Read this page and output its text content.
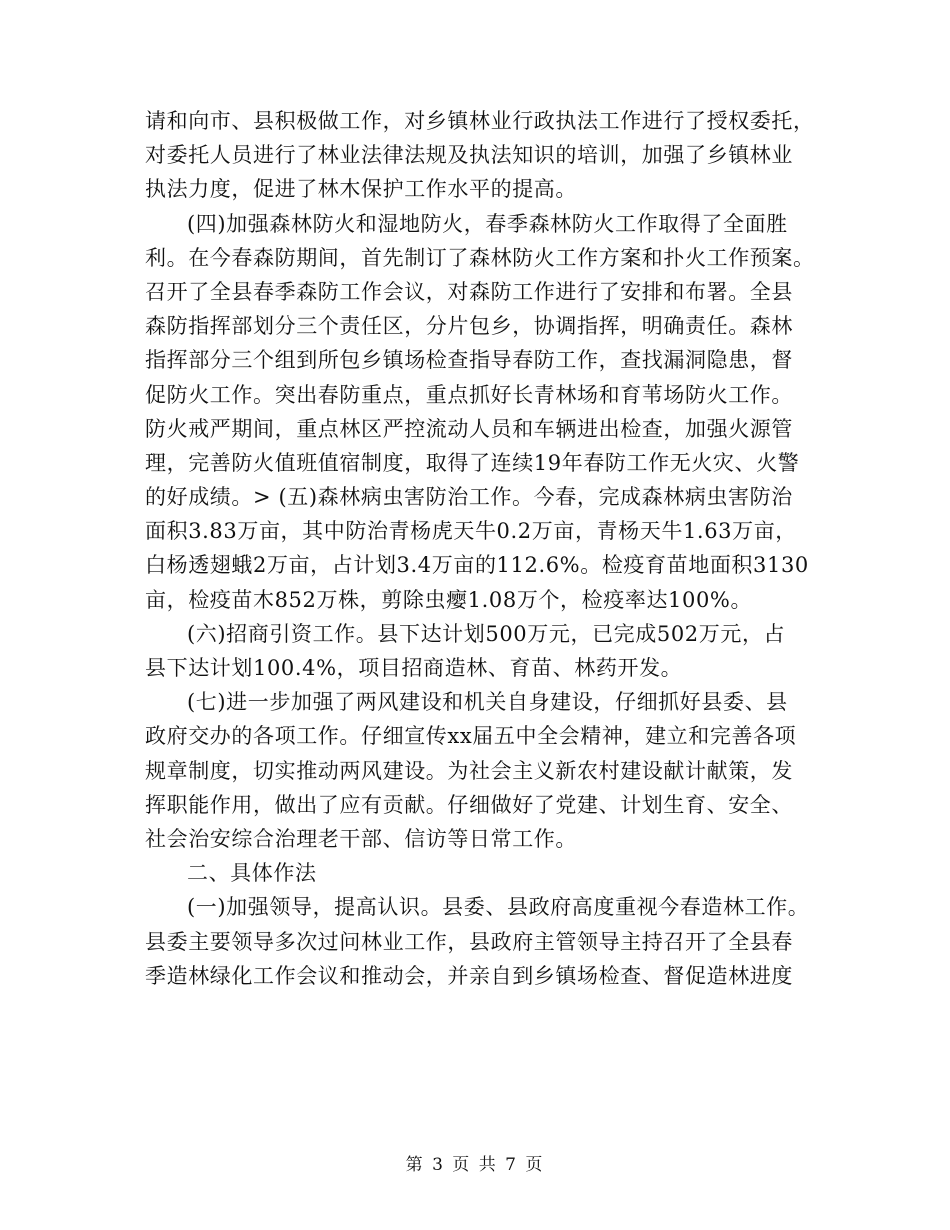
请和向市、县积极做工作，对乡镇林业行政执法工作进行了授权委托，
对委托人员进行了林业法律法规及执法知识的培训，加强了乡镇林业
执法力度，促进了林木保护工作水平的提高。
(四)加强森林防火和湿地防火，春季森林防火工作取得了全面胜
利。在今春森防期间，首先制订了森林防火工作方案和扑火工作预案。
召开了全县春季森防工作会议，对森防工作进行了安排和布署。全县
森防指挥部划分三个责任区，分片包乡，协调指挥，明确责任。森林
指挥部分三个组到所包乡镇场检查指导春防工作，查找漏洞隐患，督
促防火工作。突出春防重点，重点抓好长青林场和育苇场防火工作。
防火戒严期间，重点林区严控流动人员和车辆进出检查，加强火源管
理，完善防火值班值宿制度，取得了连续19年春防工作无火灾、火警
的好成绩。> (五)森林病虫害防治工作。今春，完成森林病虫害防治
面积3.83万亩，其中防治青杨虎天牛0.2万亩，青杨天牛1.63万亩，
白杨透翅蛾2万亩，占计划3.4万亩的112.6%。检疫育苗地面积3130
亩，检疫苗木852万株，剪除虫瘿1.08万个，检疫率达100%。
(六)招商引资工作。县下达计划500万元，已完成502万元，占
县下达计划100.4%，项目招商造林、育苗、林药开发。
(七)进一步加强了两风建设和机关自身建设，仔细抓好县委、县
政府交办的各项工作。仔细宣传xx届五中全会精神，建立和完善各项
规章制度，切实推动两风建设。为社会主义新农村建设献计献策，发
挥职能作用，做出了应有贡献。仔细做好了党建、计划生育、安全、
社会治安综合治理老干部、信访等日常工作。
二、具体作法
(一)加强领导，提高认识。县委、县政府高度重视今春造林工作。
县委主要领导多次过问林业工作，县政府主管领导主持召开了全县春
季造林绿化工作会议和推动会，并亲自到乡镇场检查、督促造林进度
第 3 页 共 7 页
